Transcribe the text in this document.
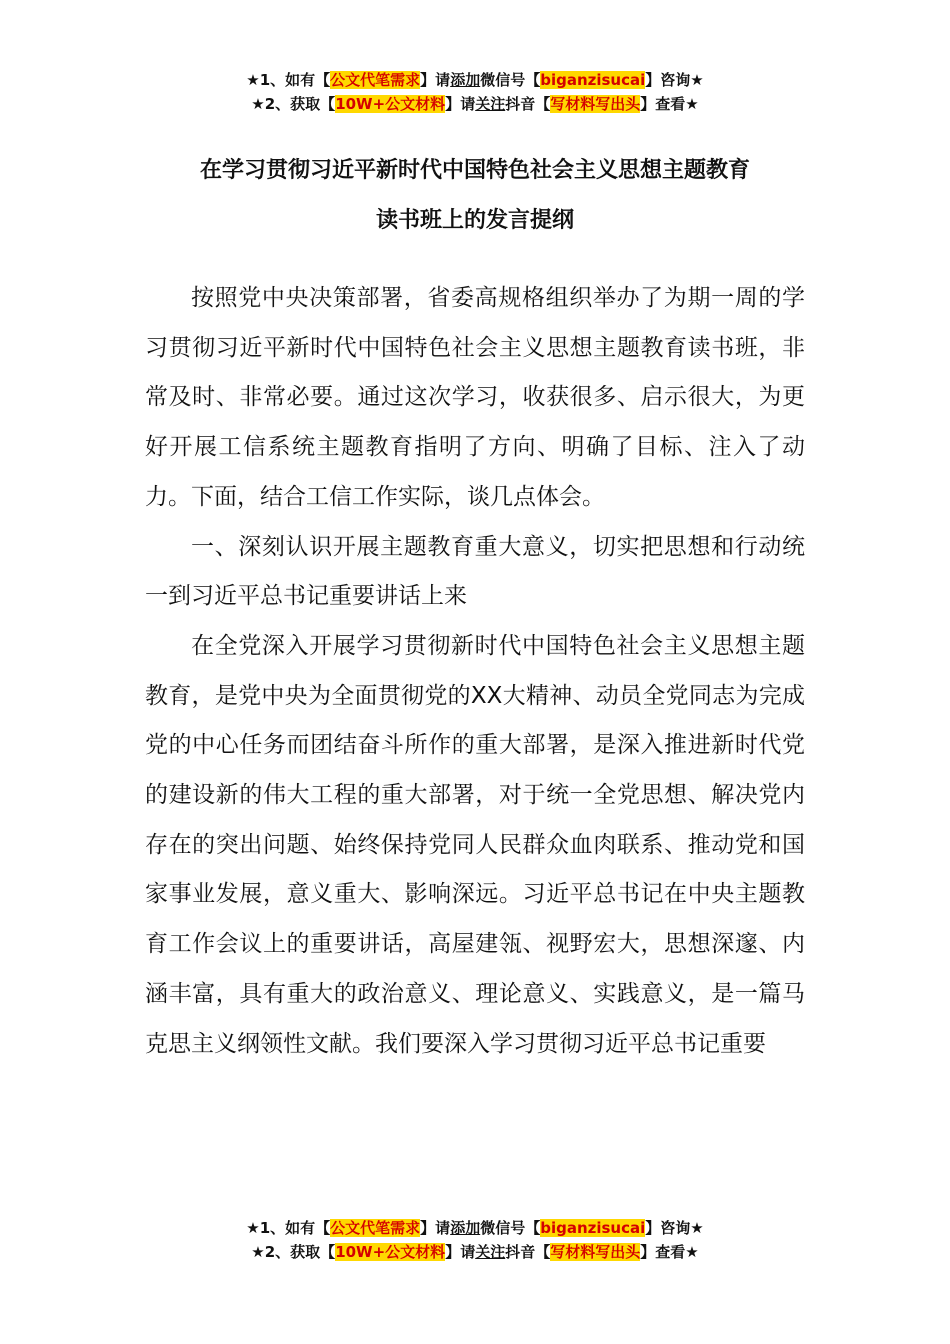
★1、如有【公文代笔需求】请添加微信号【biganzisucai】咨询★
★2、获取【10W+公文材料】请关注抖音【写材料写出头】查看★
在学习贯彻习近平新时代中国特色社会主义思想主题教育
读书班上的发言提纲

按照党中央决策部署，省委高规格组织举办了为期一周的学习贯彻习近平新时代中国特色社会主义思想主题教育读书班，非常及时、非常必要。通过这次学习，收获很多、启示很大，为更好开展工信系统主题教育指明了方向、明确了目标、注入了动力。下面，结合工信工作实际，谈几点体会。

一、深刻认识开展主题教育重大意义，切实把思想和行动统一到习近平总书记重要讲话上来

在全党深入开展学习贯彻新时代中国特色社会主义思想主题教育，是党中央为全面贯彻党的XX大精神、动员全党同志为完成党的中心任务而团结奋斗所作的重大部署，是深入推进新时代党的建设新的伟大工程的重大部署，对于统一全党思想、解决党内存在的突出问题、始终保持党同人民群众血肉联系、推动党和国家事业发展，意义重大、影响深远。习近平总书记在中央主题教育工作会议上的重要讲话，高屋建瓴、视野宏大，思想深邃、内涵丰富，具有重大的政治意义、理论意义、实践意义，是一篇马克思主义纲领性文献。我们要深入学习贯彻习近平总书记重要

★1、如有【公文代笔需求】请添加微信号【biganzisucai】咨询★
★2、获取【10W+公文材料】请关注抖音【写材料写出头】查看★
